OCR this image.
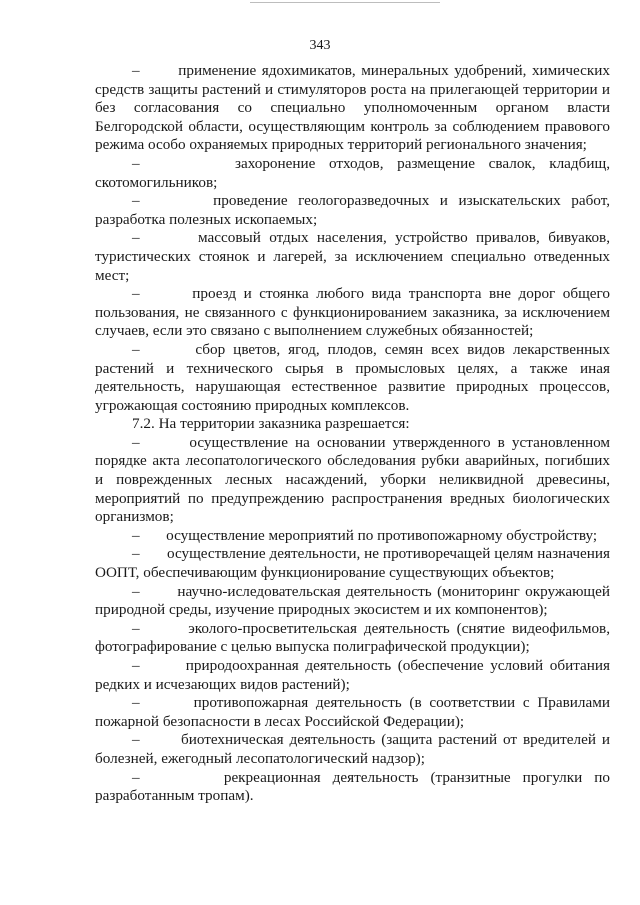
343

–       применение ядохимикатов, минеральных удобрений, химических средств защиты растений и стимуляторов роста на прилегающей территории и без согласования со специально уполномоченным органом власти Белгородской области, осуществляющим контроль за соблюдением правового режима особо охраняемых природных территорий регионального значения;

–       захоронение отходов, размещение свалок, кладбищ, скотомогильников;

–       проведение геологоразведочных и изыскательских работ, разработка полезных ископаемых;

–       массовый отдых населения, устройство привалов, бивуаков, туристических стоянок и лагерей, за исключением специально отведенных мест;

–       проезд и стоянка любого вида транспорта вне дорог общего пользования, не связанного с функционированием заказника, за исключением случаев, если это связано с выполнением служебных обязанностей;

–       сбор цветов, ягод, плодов, семян всех видов лекарственных растений и технического сырья в промысловых целях, а также иная деятельность, нарушающая естественное развитие природных процессов, угрожающая состоянию природных комплексов.

7.2. На территории заказника разрешается:

–       осуществление на основании утвержденного в установленном порядке акта лесопатологического обследования рубки аварийных, погибших и поврежденных лесных насаждений, уборки неликвидной древесины, мероприятий по предупреждению распространения вредных биологических организмов;

–       осуществление мероприятий по противопожарному обустройству;

–       осуществление деятельности, не противоречащей целям назначения ООПТ, обеспечивающим функционирование существующих объектов;

–       научно-иследовательская деятельность (мониторинг окружающей природной среды, изучение природных экосистем и их компонентов);

–       эколого-просветительская деятельность (снятие видеофильмов, фотографирование с целью выпуска полиграфической продукции);

–       природоохранная деятельность (обеспечение условий обитания редких и исчезающих видов растений);

–       противопожарная деятельность (в соответствии с Правилами пожарной безопасности в лесах Российской Федерации);

–       биотехническая деятельность (защита растений от вредителей и болезней, ежегодный лесопатологический надзор);

–       рекреационная деятельность (транзитные прогулки по разработанным тропам).
